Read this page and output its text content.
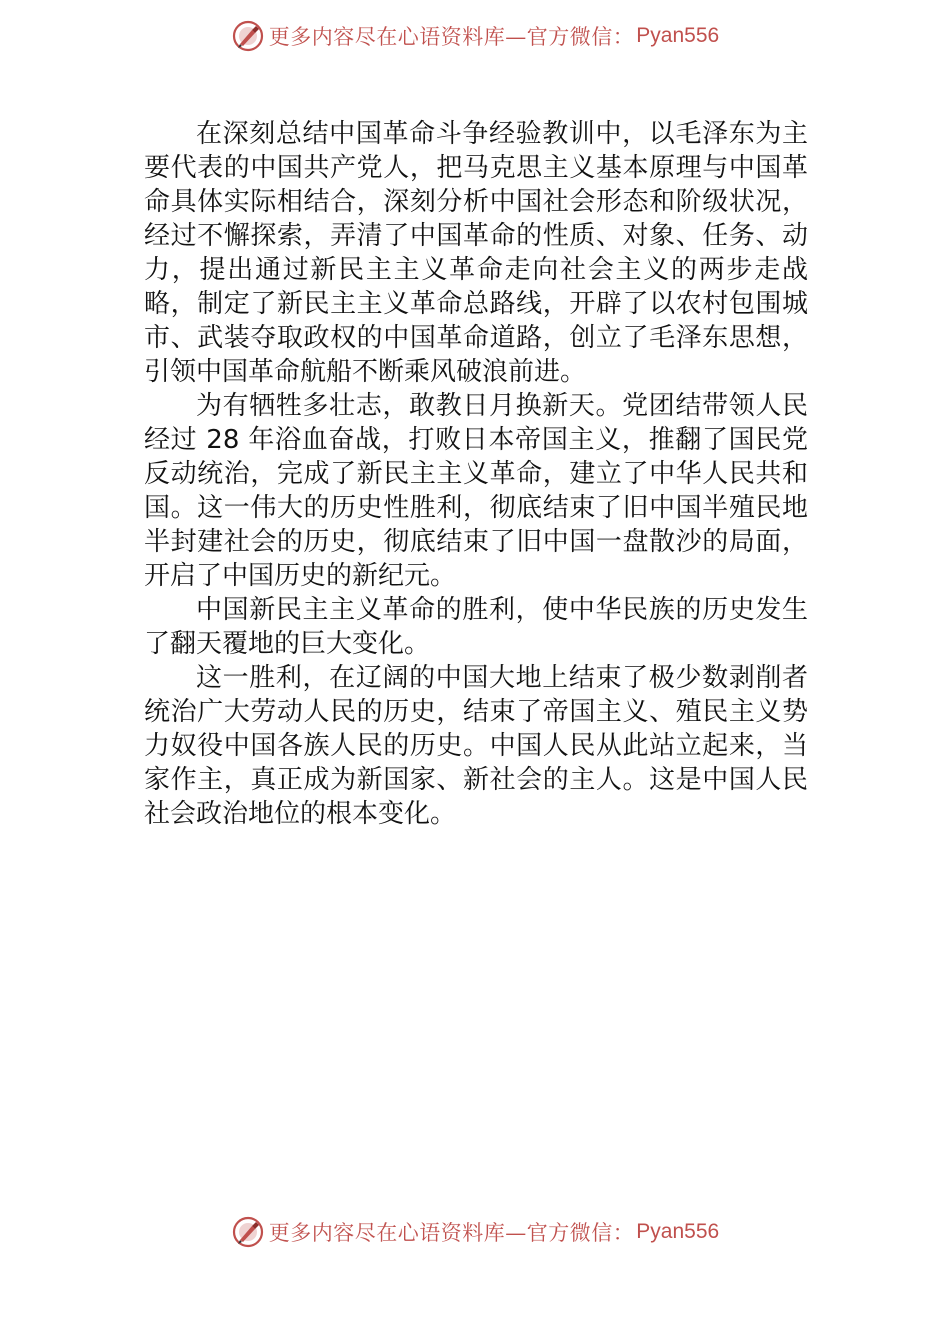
更多内容尽在心语资料库—官方微信： Pyan556

在深刻总结中国革命斗争经验教训中，以毛泽东为主要代表的中国共产党人，把马克思主义基本原理与中国革命具体实际相结合，深刻分析中国社会形态和阶级状况，经过不懈探索，弄清了中国革命的性质、对象、任务、动力，提出通过新民主主义革命走向社会主义的两步走战略，制定了新民主主义革命总路线，开辟了以农村包围城市、武装夺取政权的中国革命道路，创立了毛泽东思想，引领中国革命航船不断乘风破浪前进。

为有牺牲多壮志，敢教日月换新天。党团结带领人民经过 28 年浴血奋战，打败日本帝国主义，推翻了国民党反动统治，完成了新民主主义革命，建立了中华人民共和国。这一伟大的历史性胜利，彻底结束了旧中国半殖民地半封建社会的历史，彻底结束了旧中国一盘散沙的局面，开启了中国历史的新纪元。

中国新民主主义革命的胜利，使中华民族的历史发生了翻天覆地的巨大变化。

这一胜利，在辽阔的中国大地上结束了极少数剥削者统治广大劳动人民的历史，结束了帝国主义、殖民主义势力奴役中国各族人民的历史。中国人民从此站立起来，当家作主，真正成为新国家、新社会的主人。这是中国人民社会政治地位的根本变化。

更多内容尽在心语资料库—官方微信： Pyan556
